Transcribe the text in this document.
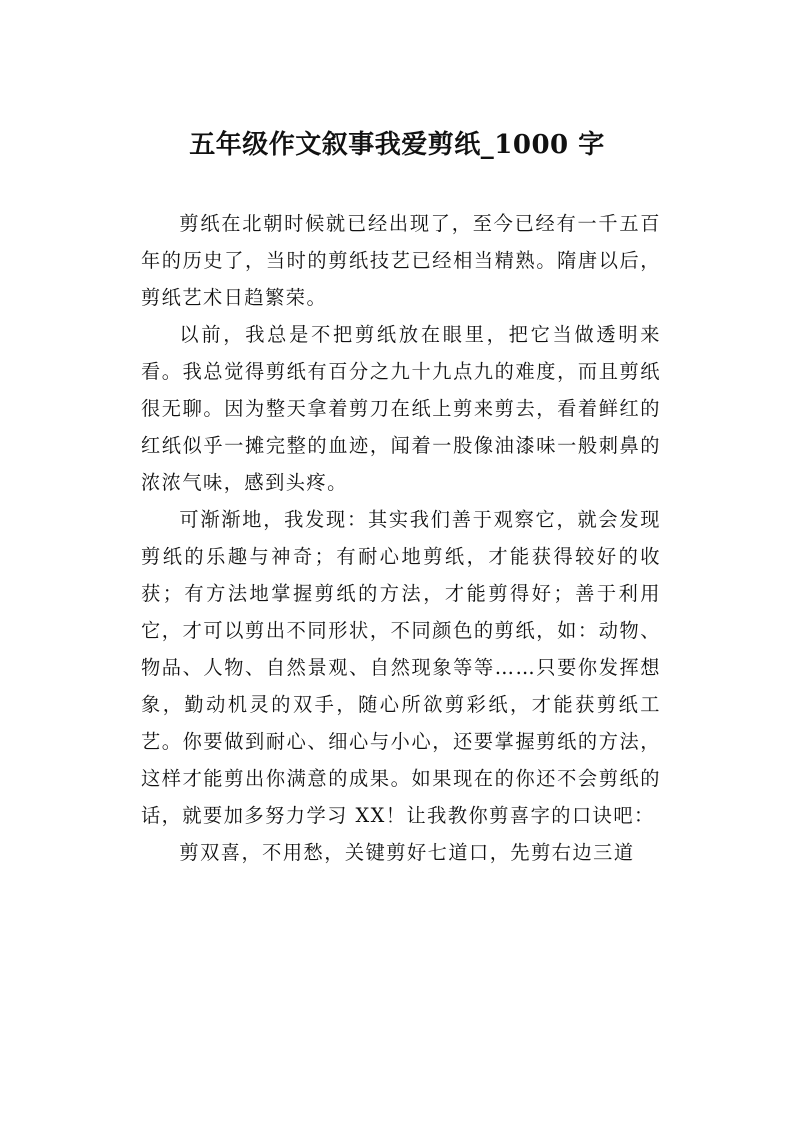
五年级作文叙事我爱剪纸_1000 字

剪纸在北朝时候就已经出现了，至今已经有一千五百年的历史了，当时的剪纸技艺已经相当精熟。隋唐以后，剪纸艺术日趋繁荣。

以前，我总是不把剪纸放在眼里，把它当做透明来看。我总觉得剪纸有百分之九十九点九的难度，而且剪纸很无聊。因为整天拿着剪刀在纸上剪来剪去，看着鲜红的红纸似乎一摊完整的血迹，闻着一股像油漆味一般刺鼻的浓浓气味，感到头疼。

可渐渐地，我发现：其实我们善于观察它，就会发现剪纸的乐趣与神奇；有耐心地剪纸，才能获得较好的收获；有方法地掌握剪纸的方法，才能剪得好；善于利用它，才可以剪出不同形状，不同颜色的剪纸，如：动物、物品、人物、自然景观、自然现象等等……只要你发挥想象，勤动机灵的双手，随心所欲剪彩纸，才能获剪纸工艺。你要做到耐心、细心与小心，还要掌握剪纸的方法，这样才能剪出你满意的成果。如果现在的你还不会剪纸的话，就要加多努力学习 XX！让我教你剪喜字的口诀吧：

剪双喜，不用愁，关键剪好七道口，先剪右边三道
